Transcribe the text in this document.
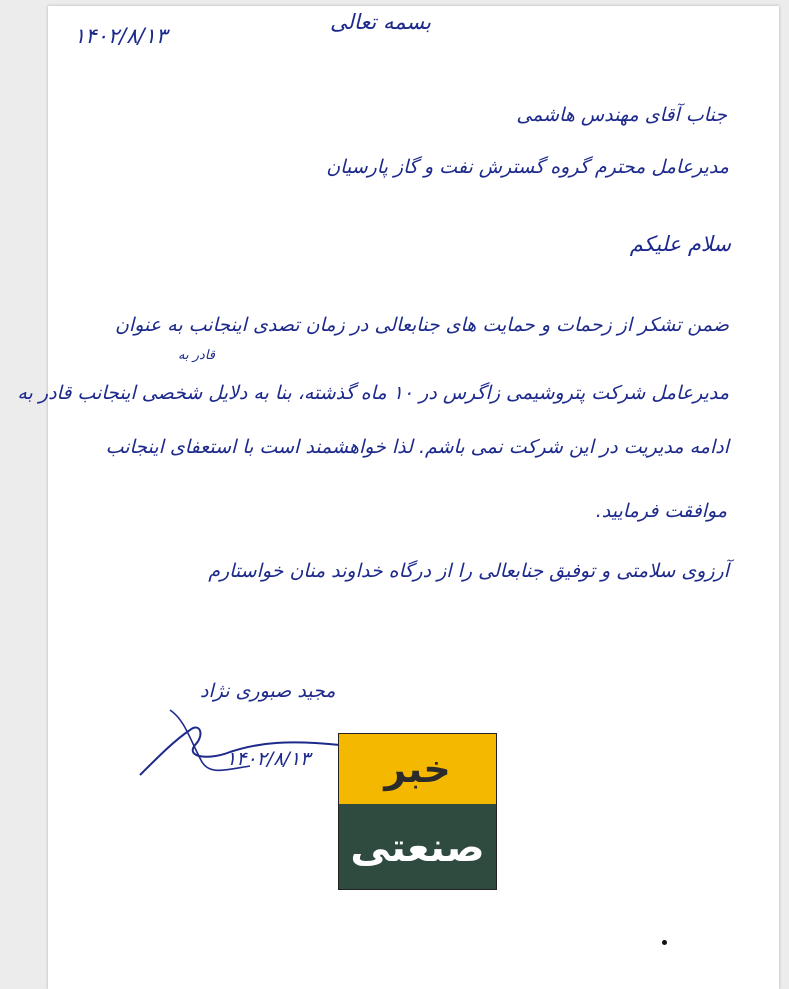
۱۴۰۲/۸/۱۳
بسمه تعالی
جناب آقای مهندس هاشمی
مدیرعامل محترم گروه گسترش نفت و گاز پارسیان
سلام علیکم
ضمن تشکر از زحمات و حمایت های جنابعالی در زمان تصدی اینجانب به عنوان
قادر به
مدیرعامل شرکت پتروشیمی زاگرس در ۱۰ ماه گذشته، بنا به دلایل شخصی اینجانب قادر به
ادامه مدیریت در این شرکت نمی باشم. لذا خواهشمند است با استعفای اینجانب
موافقت فرمایید.
آرزوی سلامتی و توفیق جنابعالی را از درگاه خداوند منان خواستارم
مجید صبوری نژاد
۱۴۰۲/۸/۱۳	خبر
صنعتی
